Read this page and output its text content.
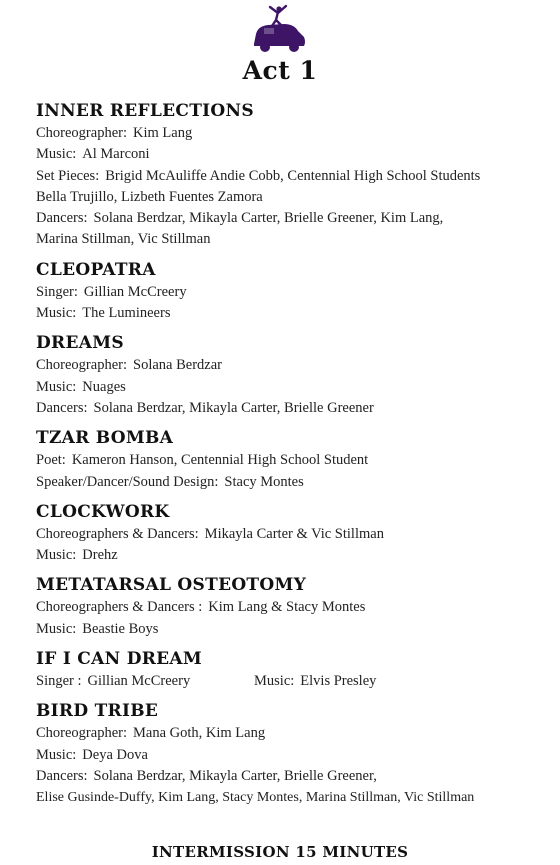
Act 1
INNER REFLECTIONS
Choreographer: Kim Lang
Music: Al Marconi
Set Pieces: Brigid McAuliffe Andie Cobb, Centennial High School Students
Bella Trujillo, Lizbeth Fuentes Zamora
Dancers: Solana Berdzar, Mikayla Carter, Brielle Greener, Kim Lang,
Marina Stillman, Vic Stillman
CLEOPATRA
Singer: Gillian McCreery
Music: The Lumineers
DREAMS
Choreographer: Solana Berdzar
Music: Nuages
Dancers: Solana Berdzar, Mikayla Carter, Brielle Greener
TZAR BOMBA
Poet: Kameron Hanson, Centennial High School Student
Speaker/Dancer/Sound Design: Stacy Montes
CLOCKWORK
Choreographers & Dancers: Mikayla Carter & Vic Stillman
Music: Drehz
METATARSAL OSTEOTOMY
Choreographers & Dancers : Kim Lang & Stacy Montes
Music: Beastie Boys
IF I CAN DREAM
Singer : Gillian McCreery	Music: Elvis Presley
BIRD TRIBE
Choreographer: Mana Goth, Kim Lang
Music: Deya Dova
Dancers: Solana Berdzar, Mikayla Carter, Brielle Greener,
Elise Gusinde-Duffy, Kim Lang, Stacy Montes, Marina Stillman, Vic Stillman
INTERMISSION 15 MINUTES
